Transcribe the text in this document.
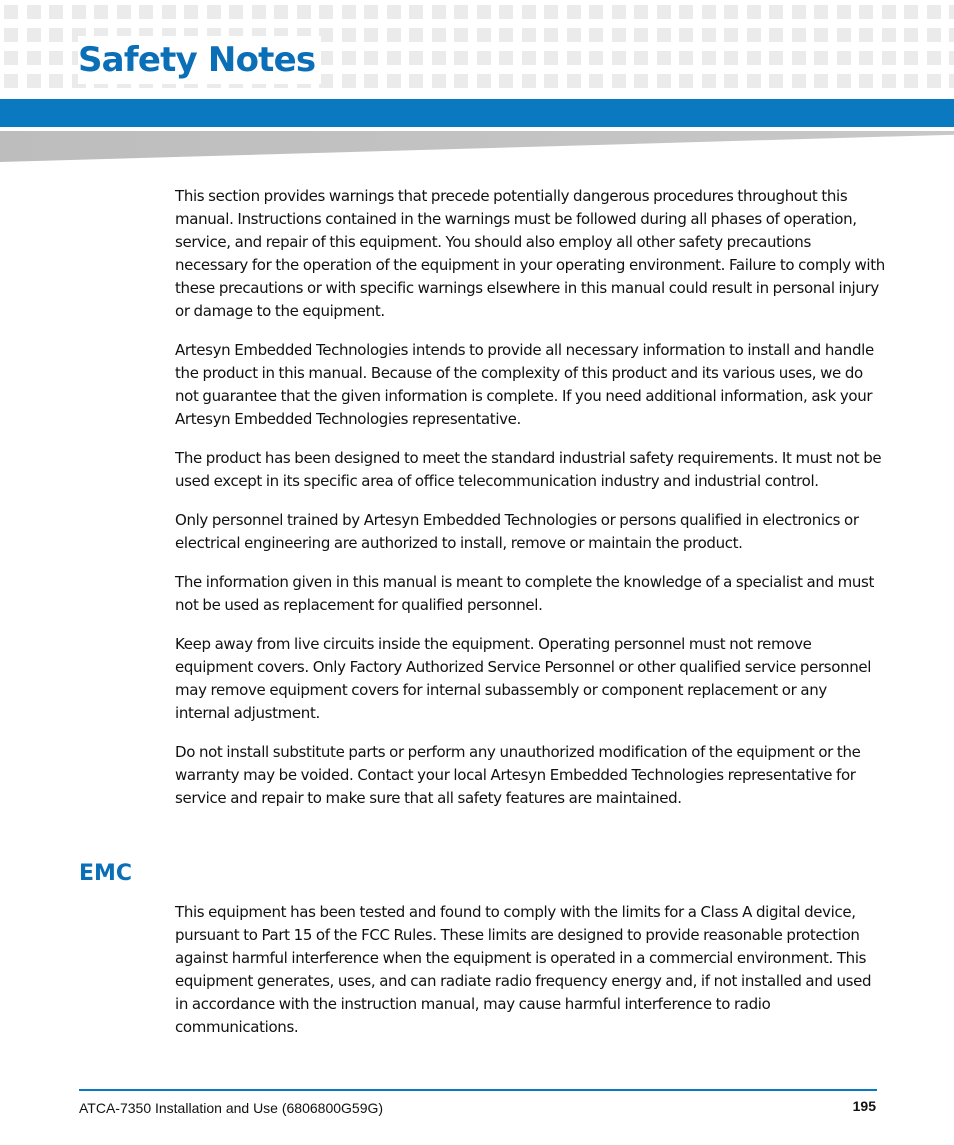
Safety Notes

This section provides warnings that precede potentially dangerous procedures throughout this manual. Instructions contained in the warnings must be followed during all phases of operation, service, and repair of this equipment. You should also employ all other safety precautions necessary for the operation of the equipment in your operating environment. Failure to comply with these precautions or with specific warnings elsewhere in this manual could result in personal injury or damage to the equipment.

Artesyn Embedded Technologies intends to provide all necessary information to install and handle the product in this manual. Because of the complexity of this product and its various uses, we do not guarantee that the given information is complete. If you need additional information, ask your Artesyn Embedded Technologies representative.

The product has been designed to meet the standard industrial safety requirements. It must not be used except in its specific area of office telecommunication industry and industrial control.

Only personnel trained by Artesyn Embedded Technologies or persons qualified in electronics or electrical engineering are authorized to install, remove or maintain the product.

The information given in this manual is meant to complete the knowledge of a specialist and must not be used as replacement for qualified personnel.

Keep away from live circuits inside the equipment. Operating personnel must not remove equipment covers. Only Factory Authorized Service Personnel or other qualified service personnel may remove equipment covers for internal subassembly or component replacement or any internal adjustment.

Do not install substitute parts or perform any unauthorized modification of the equipment or the warranty may be voided. Contact your local Artesyn Embedded Technologies representative for service and repair to make sure that all safety features are maintained.

EMC

This equipment has been tested and found to comply with the limits for a Class A digital device, pursuant to Part 15 of the FCC Rules. These limits are designed to provide reasonable protection against harmful interference when the equipment is operated in a commercial environment. This equipment generates, uses, and can radiate radio frequency energy and, if not installed and used in accordance with the instruction manual, may cause harmful interference to radio communications.

ATCA-7350 Installation and Use (6806800G59G)	195
